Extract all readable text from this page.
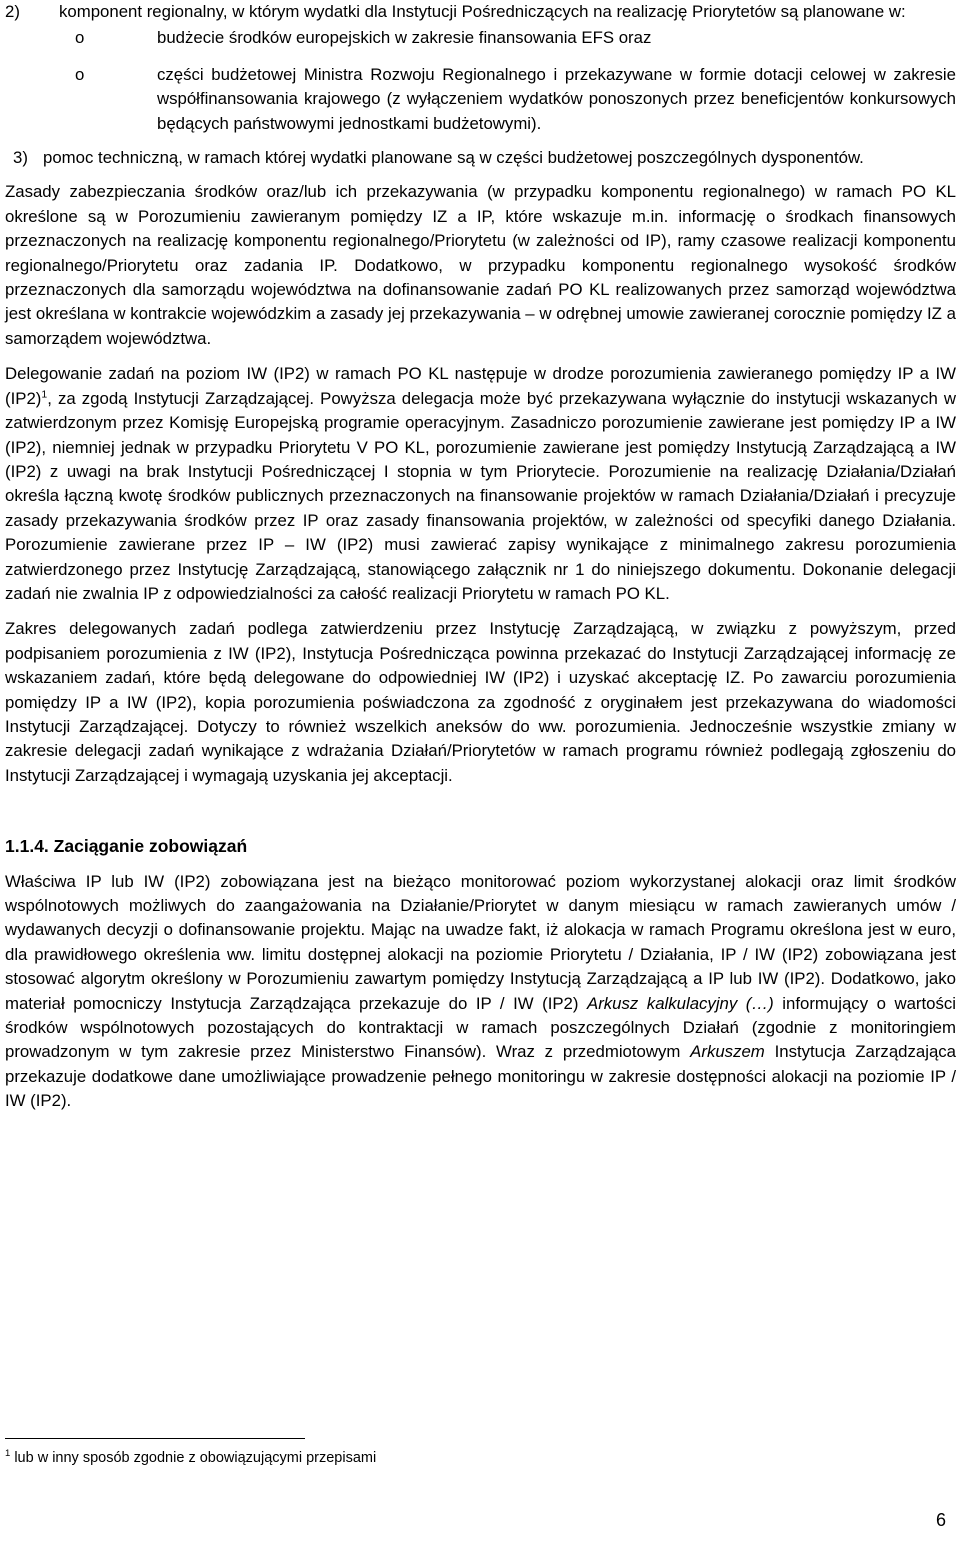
2)	komponent regionalny, w którym wydatki dla Instytucji Pośredniczących na realizację Priorytetów są planowane w:

o	budżecie środków europejskich w zakresie finansowania EFS oraz
o	części budżetowej Ministra Rozwoju Regionalnego i przekazywane w formie dotacji celowej w zakresie współfinansowania krajowego (z wyłączeniem wydatków ponoszonych przez beneficjentów konkursowych będących państwowymi jednostkami budżetowymi).
3) pomoc techniczną, w ramach której wydatki planowane są w części budżetowej poszczególnych dysponentów.

Zasady zabezpieczania środków oraz/lub ich przekazywania (w przypadku komponentu regionalnego) w ramach PO KL określone są w Porozumieniu zawieranym pomiędzy IZ a IP, które wskazuje m.in. informację o środkach finansowych przeznaczonych na realizację komponentu regionalnego/Priorytetu (w zależności od IP), ramy czasowe realizacji komponentu regionalnego/Priorytetu oraz zadania IP. Dodatkowo, w przypadku komponentu regionalnego wysokość środków przeznaczonych dla samorządu województwa na dofinansowanie zadań PO KL realizowanych przez samorząd województwa jest określana w kontrakcie wojewódzkim a zasady jej przekazywania – w odrębnej umowie zawieranej corocznie pomiędzy IZ a samorządem województwa.

Delegowanie zadań na poziom IW (IP2) w ramach PO KL następuje w drodze porozumienia zawieranego pomiędzy IP a IW $(IP2)^1$, za zgodą Instytucji Zarządzającej. Powyższa delegacja może być przekazywana wyłącznie do instytucji wskazanych w zatwierdzonym przez Komisję Europejską programie operacyjnym. Zasadniczo porozumienie zawierane jest pomiędzy IP a IW (IP2), niemniej jednak w przypadku Priorytetu V PO KL, porozumienie zawierane jest pomiędzy Instytucją Zarządzającą a IW (IP2) z uwagi na brak Instytucji Pośredniczącej I stopnia w tym Priorytecie. Porozumienie na realizację Działania/Działań określa łączną kwotę środków publicznych przeznaczonych na finansowanie projektów w ramach Działania/Działań i precyzuje zasady przekazywania środków przez IP oraz zasady finansowania projektów, w zależności od specyfiki danego Działania. Porozumienie zawierane przez IP – IW (IP2) musi zawierać zapisy wynikające z minimalnego zakresu porozumienia zatwierdzonego przez Instytucję Zarządzającą, stanowiącego załącznik nr 1 do niniejszego dokumentu. Dokonanie delegacji zadań nie zwalnia IP z odpowiedzialności za całość realizacji Priorytetu w ramach PO KL.

Zakres delegowanych zadań podlega zatwierdzeniu przez Instytucję Zarządzającą, w związku z powyższym, przed podpisaniem porozumienia z IW (IP2), Instytucja Pośrednicząca powinna przekazać do Instytucji Zarządzającej informację ze wskazaniem zadań, które będą delegowane do odpowiedniej IW (IP2) i uzyskać akceptację IZ. Po zawarciu porozumienia pomiędzy IP a IW (IP2), kopia porozumienia poświadczona za zgodność z oryginałem jest przekazywana do wiadomości Instytucji Zarządzającej. Dotyczy to również wszelkich aneksów do ww. porozumienia. Jednocześnie wszystkie zmiany w zakresie delegacji zadań wynikające z wdrażania Działań/Priorytetów w ramach programu również podlegają zgłoszeniu do Instytucji Zarządzającej i wymagają uzyskania jej akceptacji.

1.1.4. Zaciąganie zobowiązań

Właściwa IP lub IW (IP2) zobowiązana jest na bieżąco monitorować poziom wykorzystanej alokacji oraz limit środków wspólnotowych możliwych do zaangażowania na Działanie/Priorytet w danym miesiącu w ramach zawieranych umów / wydawanych decyzji o dofinansowanie projektu. Mając na uwadze fakt, iż alokacja w ramach Programu określona jest w euro, dla prawidłowego określenia ww. limitu dostępnej alokacji na poziomie Priorytetu / Działania, IP / IW (IP2) zobowiązana jest stosować algorytm określony w Porozumieniu zawartym pomiędzy Instytucją Zarządzającą a IP lub IW (IP2). Dodatkowo, jako materiał pomocniczy Instytucja Zarządzająca przekazuje do IP / IW (IP2) Arkusz kalkulacyjny (…) informujący o wartości środków wspólnotowych pozostających do kontraktacji w ramach poszczególnych Działań (zgodnie z monitoringiem prowadzonym w tym zakresie przez Ministerstwo Finansów). Wraz z przedmiotowym Arkuszem Instytucja Zarządzająca przekazuje dodatkowe dane umożliwiające prowadzenie pełnego monitoringu w zakresie dostępności alokacji na poziomie IP / IW (IP2).

$^1$ lub w inny sposób zgodnie z obowiązującymi przepisami
6
